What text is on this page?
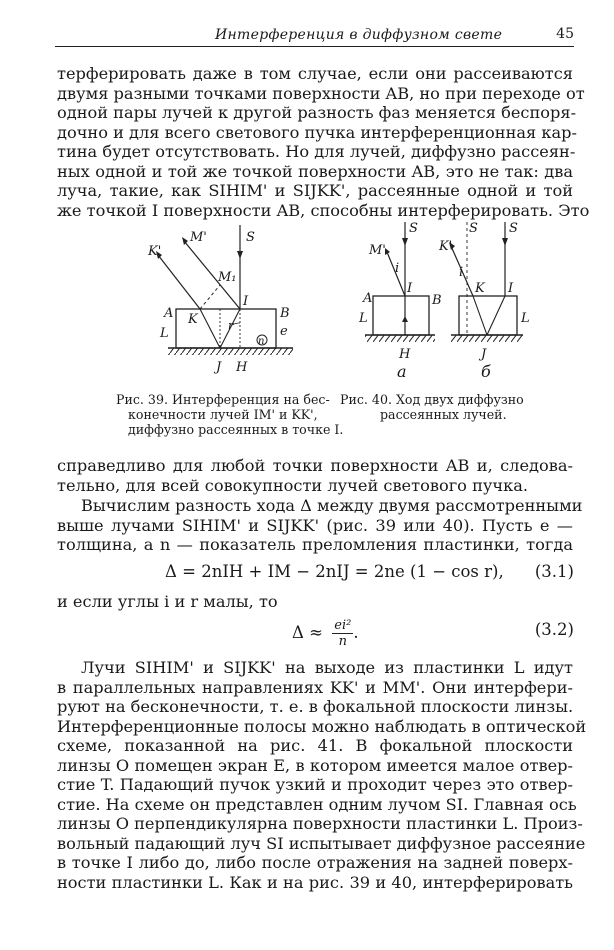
Интерференция в диффузном свете	45
терферировать даже в том случае, если они рассеиваются
двумя разными точками поверхности AB, но при переходе от
одной пары лучей к другой разность фаз меняется беспоря-
дочно и для всего светового пучка интерференционная кар-
тина будет отсутствовать. Но для лучей, диффузно рассеян-
ных одной и той же точкой поверхности AB, это не так: два
луча, такие, как SIHIM' и SIJKK', рассеянные одной и той
же точкой I поверхности AB, способны интерферировать. Это
K'
M'	S
M₁
I
A	B
K	r
L	e
n
J H
S
M'
i
A
I
B
L
H
а
S
K'
i
K I
S
L
J
б
Рис. 39. Интерференция на бес-
конечности лучей IM' и KK',
диффузно рассеянных в точке I.
Рис. 40. Ход двух диффузно
рассеянных лучей.
справедливо для любой точки поверхности AB и, следова-
тельно, для всей совокупности лучей светового пучка.
Вычислим разность хода Δ между двумя рассмотренными
выше лучами SIHIM' и SIJKK' (рис. 39 или 40). Пусть e —
толщина, а n — показатель преломления пластинки, тогда
Δ = 2nIH + IM − 2nIJ = 2ne (1 − cos r), (3.1)
и если углы i и r малы, то
$\Delta \approx \frac{\text{ei²}}{n}$ .	(3.2)
Лучи SIHIM' и SIJKK' на выходе из пластинки L идут
в параллельных направлениях KK' и MM'. Они интерфери-
руют на бесконечности, т. е. в фокальной плоскости линзы.
Интерференционные полосы можно наблюдать в оптической
схеме, показанной на рис. 41. В фокальной плоскости
линзы O помещен экран E, в котором имеется малое отвер-
стие T. Падающий пучок узкий и проходит через это отвер-
стие. На схеме он представлен одним лучом SI. Главная ось
линзы O перпендикулярна поверхности пластинки L. Произ-
вольный падающий луч SI испытывает диффузное рассеяние
в точке I либо до, либо после отражения на задней поверх-
ности пластинки L. Как и на рис. 39 и 40, интерферировать
